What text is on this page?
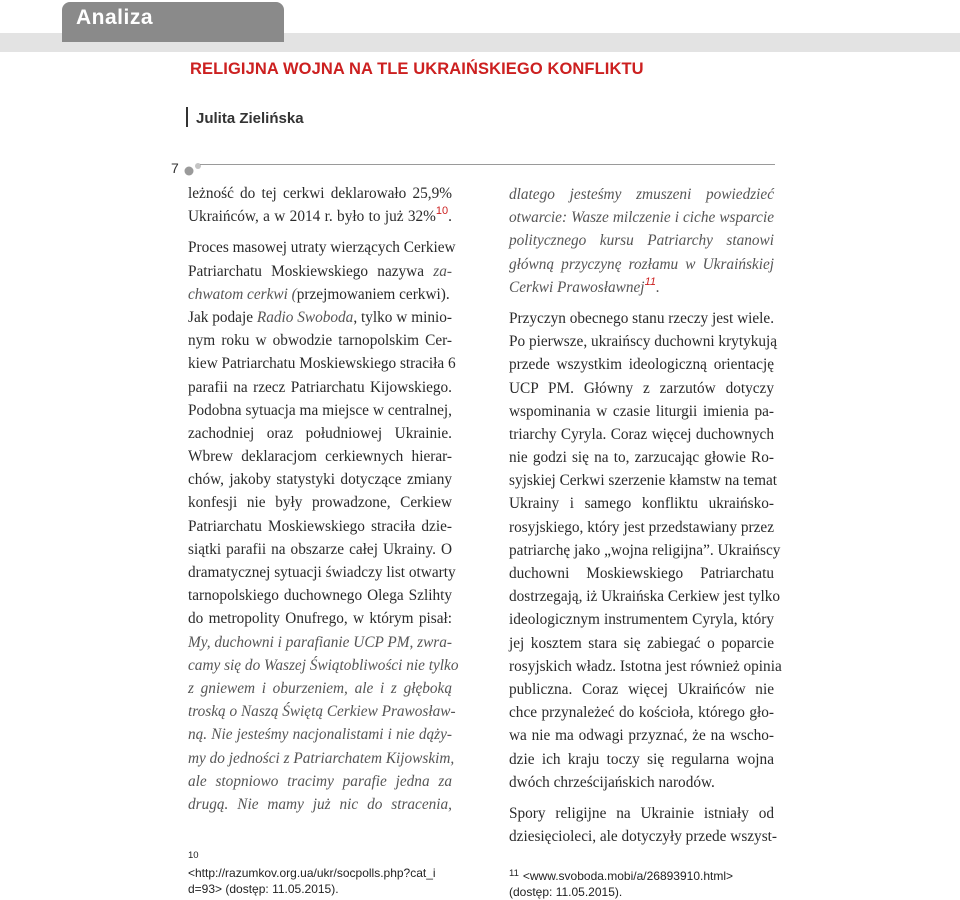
Analiza
RELIGIJNA WOJNA NA TLE UKRAIŃSKIEGO KONFLIKTU
Julita Zielińska
7
leżność do tej cerkwi deklarowało 25,9%
Ukraińców, a w 2014 r. było to już 32%$^{10}$.
Proces masowej utraty wierzących Cerkiew
Patriarchatu Moskiewskiego nazywa za-
chwatom cerkwi (przejmowaniem cerkwi).
Jak podaje Radio Swoboda, tylko w minio-
nym roku w obwodzie tarnopolskim Cer-
kiew Patriarchatu Moskiewskiego straciła 6
parafii na rzecz Patriarchatu Kijowskiego.
Podobna sytuacja ma miejsce w centralnej,
zachodniej oraz południowej Ukrainie.
Wbrew deklaracjom cerkiewnych hierar-
chów, jakoby statystyki dotyczące zmiany
konfesji nie były prowadzone, Cerkiew
Patriarchatu Moskiewskiego straciła dzie-
siątki parafii na obszarze całej Ukrainy. O
dramatycznej sytuacji świadczy list otwarty
tarnopolskiego duchownego Olega Szlihty
do metropolity Onufrego, w którym pisał:
My, duchowni i parafianie UCP PM, zwra-
camy się do Waszej Świątobliwości nie tylko
z gniewem i oburzeniem, ale i z głęboką
troską o Naszą Świętą Cerkiew Prawosław-
ną. Nie jesteśmy nacjonalistami i nie dąży-
my do jedności z Patriarchatem Kijowskim,
ale stopniowo tracimy parafie jedna za
drugą. Nie mamy już nic do stracenia,
dlatego jesteśmy zmuszeni powiedzieć
otwarcie: Wasze milczenie i ciche wsparcie
politycznego kursu Patriarchy stanowi
główną przyczynę rozłamu w Ukraińskiej
Cerkwi Prawosławnej$^{11}$.
Przyczyn obecnego stanu rzeczy jest wiele.
Po pierwsze, ukraińscy duchowni krytykują
przede wszystkim ideologiczną orientację
UCP PM. Główny z zarzutów dotyczy
wspominania w czasie liturgii imienia pa-
triarchy Cyryla. Coraz więcej duchownych
nie godzi się na to, zarzucając głowie Ro-
syjskiej Cerkwi szerzenie kłamstw na temat
Ukrainy i samego konfliktu ukraińsko-
rosyjskiego, który jest przedstawiany przez
patriarchę jako „wojna religijna”. Ukraińscy
duchowni Moskiewskiego Patriarchatu
dostrzegają, iż Ukraińska Cerkiew jest tylko
ideologicznym instrumentem Cyryla, który
jej kosztem stara się zabiegać o poparcie
rosyjskich władz. Istotna jest również opinia
publiczna. Coraz więcej Ukraińców nie
chce przynależeć do kościoła, którego gło-
wa nie ma odwagi przyznać, że na wscho-
dzie ich kraju toczy się regularna wojna
dwóch chrześcijańskich narodów.
Spory religijne na Ukrainie istniały od
dziesięcioleci, ale dotyczyły przede wszyst-
10
<http://razumkov.org.ua/ukr/socpolls.php?cat_i
d=93> (dostęp: 11.05.2015).
$^{11}$ <www.svoboda.mobi/a/26893910.html>
(dostęp: 11.05.2015).
